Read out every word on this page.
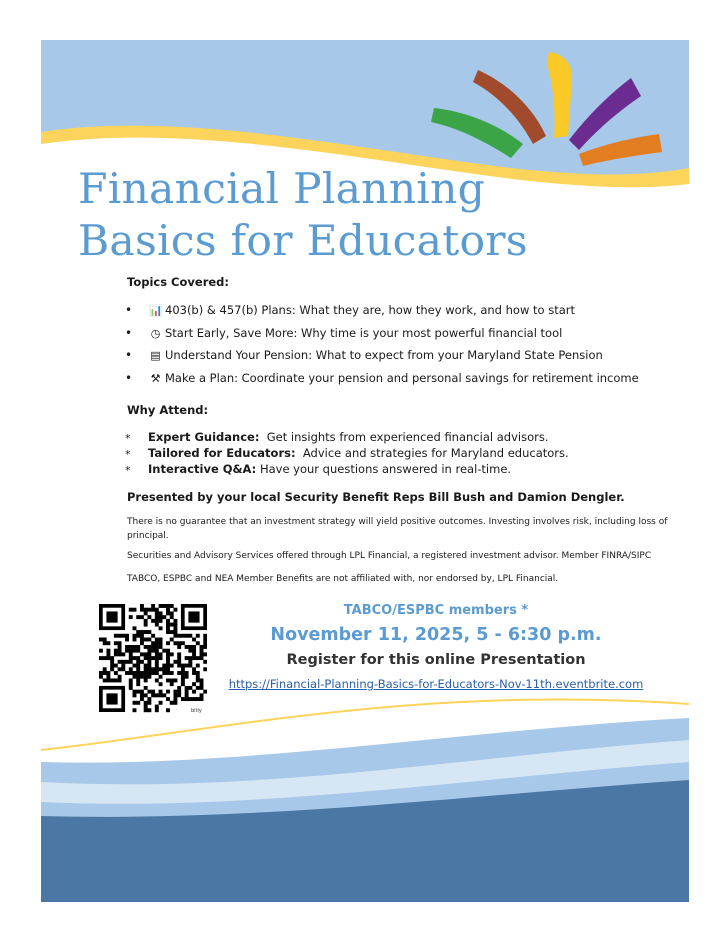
Financial Planning
Basics for Educators
Topics Covered:
• 📊 403(b) & 457(b) Plans: What they are, how they work, and how to start
• ◷ Start Early, Save More: Why time is your most powerful financial tool
• ▤ Understand Your Pension: What to expect from your Maryland State Pension
• ⚒ Make a Plan: Coordinate your pension and personal savings for retirement income
Why Attend:
* Expert Guidance: Get insights from experienced financial advisors.
* Tailored for Educators: Advice and strategies for Maryland educators.
* Interactive Q&A: Have your questions answered in real-time.

Presented by your local Security Benefit Reps Bill Bush and Damion Dengler.

There is no guarantee that an investment strategy will yield positive outcomes. Investing involves risk, including loss of principal.

Securities and Advisory Services offered through LPL Financial, a registered investment advisor. Member FINRA/SIPC

TABCO, ESPBC and NEA Member Benefits are not affiliated with, nor endorsed by, LPL Financial.

bitly

TABCO/ESPBC members *

November 11, 2025, 5 - 6:30 p.m.

Register for this online Presentation

https://Financial-Planning-Basics-for-Educators-Nov-11th.eventbrite.com
